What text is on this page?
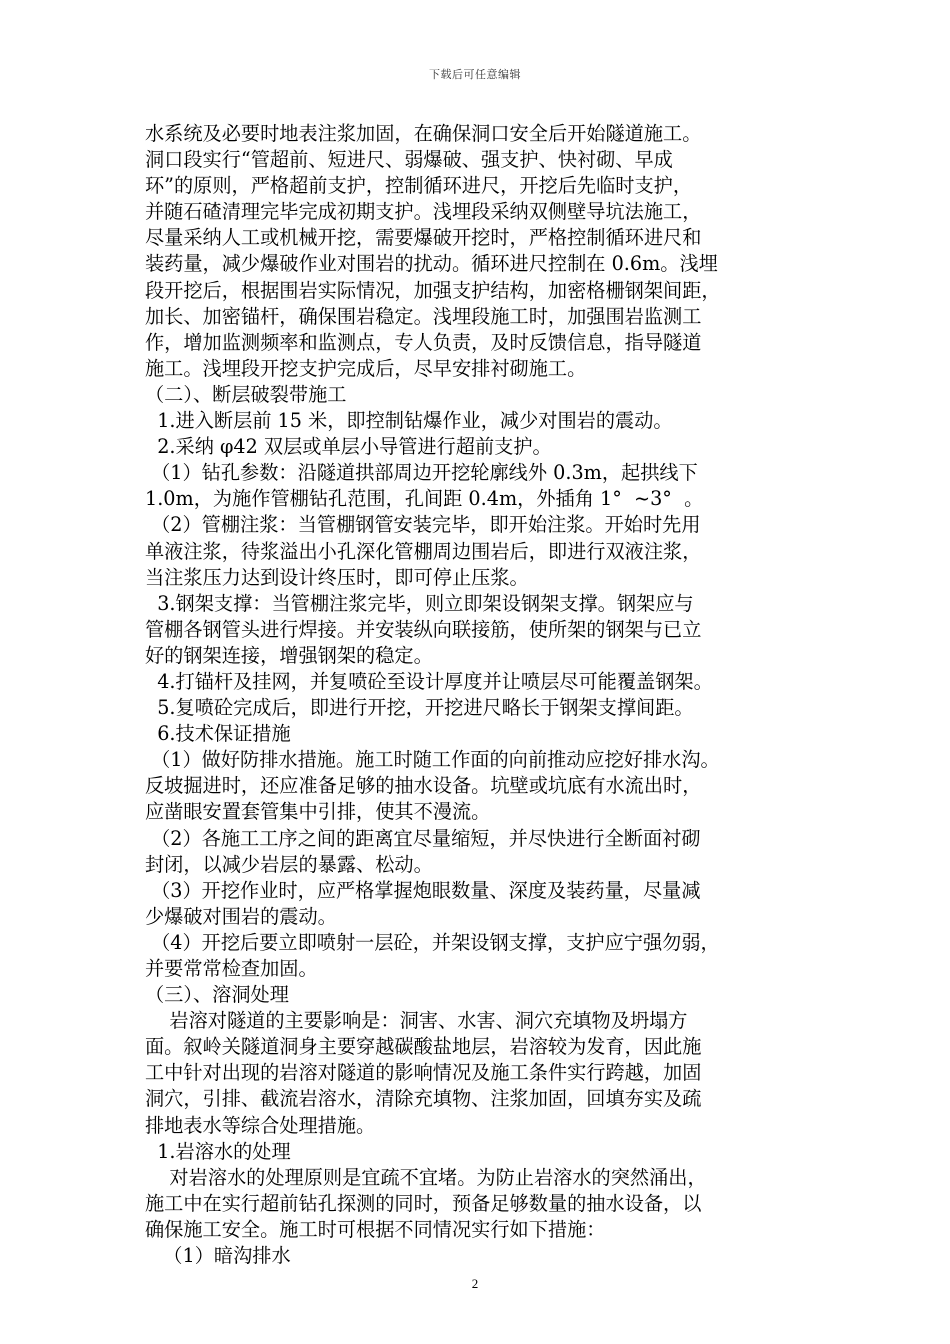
下载后可任意编辑
水系统及必要时地表注浆加固，在确保洞口安全后开始隧道施工。
洞口段实行“管超前、短进尺、弱爆破、强支护、快衬砌、早成
环”的原则，严格超前支护，控制循环进尺，开挖后先临时支护，
并随石碴清理完毕完成初期支护。浅埋段采纳双侧壁导坑法施工，
尽量采纳人工或机械开挖，需要爆破开挖时，严格控制循环进尺和
装药量，减少爆破作业对围岩的扰动。循环进尺控制在 0.6m。浅埋
段开挖后，根据围岩实际情况，加强支护结构，加密格栅钢架间距，
加长、加密锚杆，确保围岩稳定。浅埋段施工时，加强围岩监测工
作，增加监测频率和监测点，专人负责，及时反馈信息，指导隧道
施工。浅埋段开挖支护完成后，尽早安排衬砌施工。
（二）、断层破裂带施工
1.进入断层前 15 米，即控制钻爆作业，减少对围岩的震动。
2.采纳 φ42 双层或单层小导管进行超前支护。
（1）钻孔参数：沿隧道拱部周边开挖轮廓线外 0.3m，起拱线下
1.0m，为施作管棚钻孔范围，孔间距 0.4m，外插角 1°  ~3°  。
（2）管棚注浆：当管棚钢管安装完毕，即开始注浆。开始时先用
单液注浆，待浆溢出小孔深化管棚周边围岩后，即进行双液注浆，
当注浆压力达到设计终压时，即可停止压浆。
3.钢架支撑：当管棚注浆完毕，则立即架设钢架支撑。钢架应与
管棚各钢管头进行焊接。并安装纵向联接筋，使所架的钢架与已立
好的钢架连接，增强钢架的稳定。
4.打锚杆及挂网，并复喷砼至设计厚度并让喷层尽可能覆盖钢架。
5.复喷砼完成后，即进行开挖，开挖进尺略长于钢架支撑间距。
6.技术保证措施
（1）做好防排水措施。施工时随工作面的向前推动应挖好排水沟。
反坡掘进时，还应准备足够的抽水设备。坑壁或坑底有水流出时，
应凿眼安置套管集中引排，使其不漫流。
（2）各施工工序之间的距离宜尽量缩短，并尽快进行全断面衬砌
封闭，以减少岩层的暴露、松动。
（3）开挖作业时，应严格掌握炮眼数量、深度及装药量，尽量减
少爆破对围岩的震动。
（4）开挖后要立即喷射一层砼，并架设钢支撑，支护应宁强勿弱，
并要常常检查加固。
（三）、溶洞处理
岩溶对隧道的主要影响是：洞害、水害、洞穴充填物及坍塌方
面。叙岭关隧道洞身主要穿越碳酸盐地层，岩溶较为发育，因此施
工中针对出现的岩溶对隧道的影响情况及施工条件实行跨越，加固
洞穴，引排、截流岩溶水，清除充填物、注浆加固，回填夯实及疏
排地表水等综合处理措施。
1.岩溶水的处理
对岩溶水的处理原则是宜疏不宜堵。为防止岩溶水的突然涌出，
施工中在实行超前钻孔探测的同时，预备足够数量的抽水设备，以
确保施工安全。施工时可根据不同情况实行如下措施：
（1）暗沟排水
2
